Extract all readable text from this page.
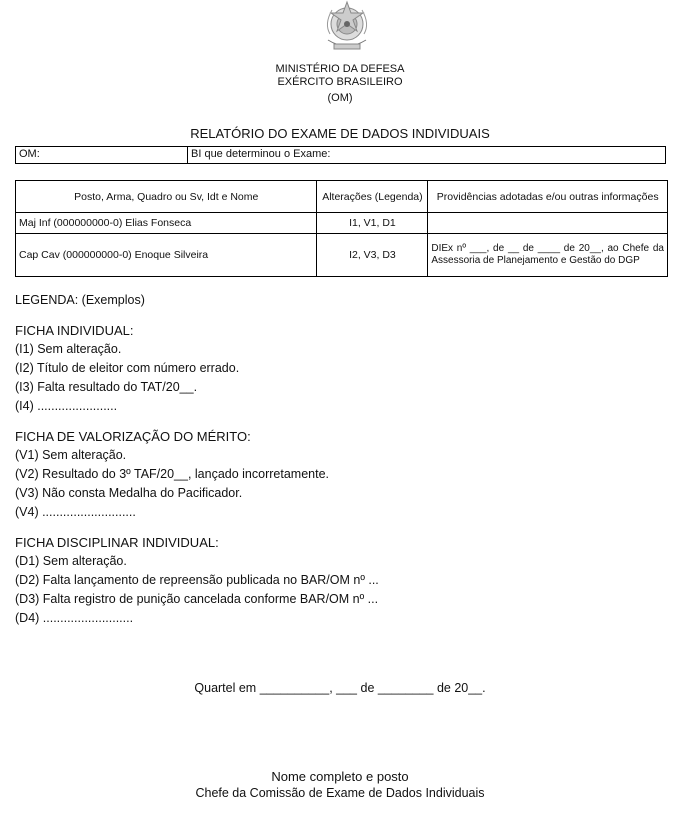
MINISTÉRIO DA DEFESA
EXÉRCITO BRASILEIRO
(OM)
RELATÓRIO DO EXAME DE DADOS INDIVIDUAIS
OM:	BI que determinou o Exame:
Posto, Arma, Quadro ou Sv, Idt e Nome	Alterações (Legenda)	Providências adotadas e/ou outras informações
Maj Inf (000000000-0) Elias Fonseca	I1, V1, D1	
Cap Cav (000000000-0) Enoque Silveira	I2, V3, D3	DIEx nº ___, de __ de ____ de 20__, ao Chefe da Assessoria de Planejamento e Gestão do DGP
LEGENDA: (Exemplos)
FICHA INDIVIDUAL:
(I1) Sem alteração.
(I2) Título de eleitor com número errado.
(I3) Falta resultado do TAT/20__.
(I4) .......................
FICHA DE VALORIZAÇÃO DO MÉRITO:
(V1) Sem alteração.
(V2) Resultado do 3º TAF/20__, lançado incorretamente.
(V3) Não consta Medalha do Pacificador.
(V4) ...........................
FICHA DISCIPLINAR INDIVIDUAL:
(D1) Sem alteração.
(D2) Falta lançamento de repreensão publicada no BAR/OM nº ...
(D3) Falta registro de punição cancelada conforme BAR/OM nº ...
(D4) ..........................
Quartel em __________, ___ de ________ de 20__.
Nome completo e posto
Chefe da Comissão de Exame de Dados Individuais
